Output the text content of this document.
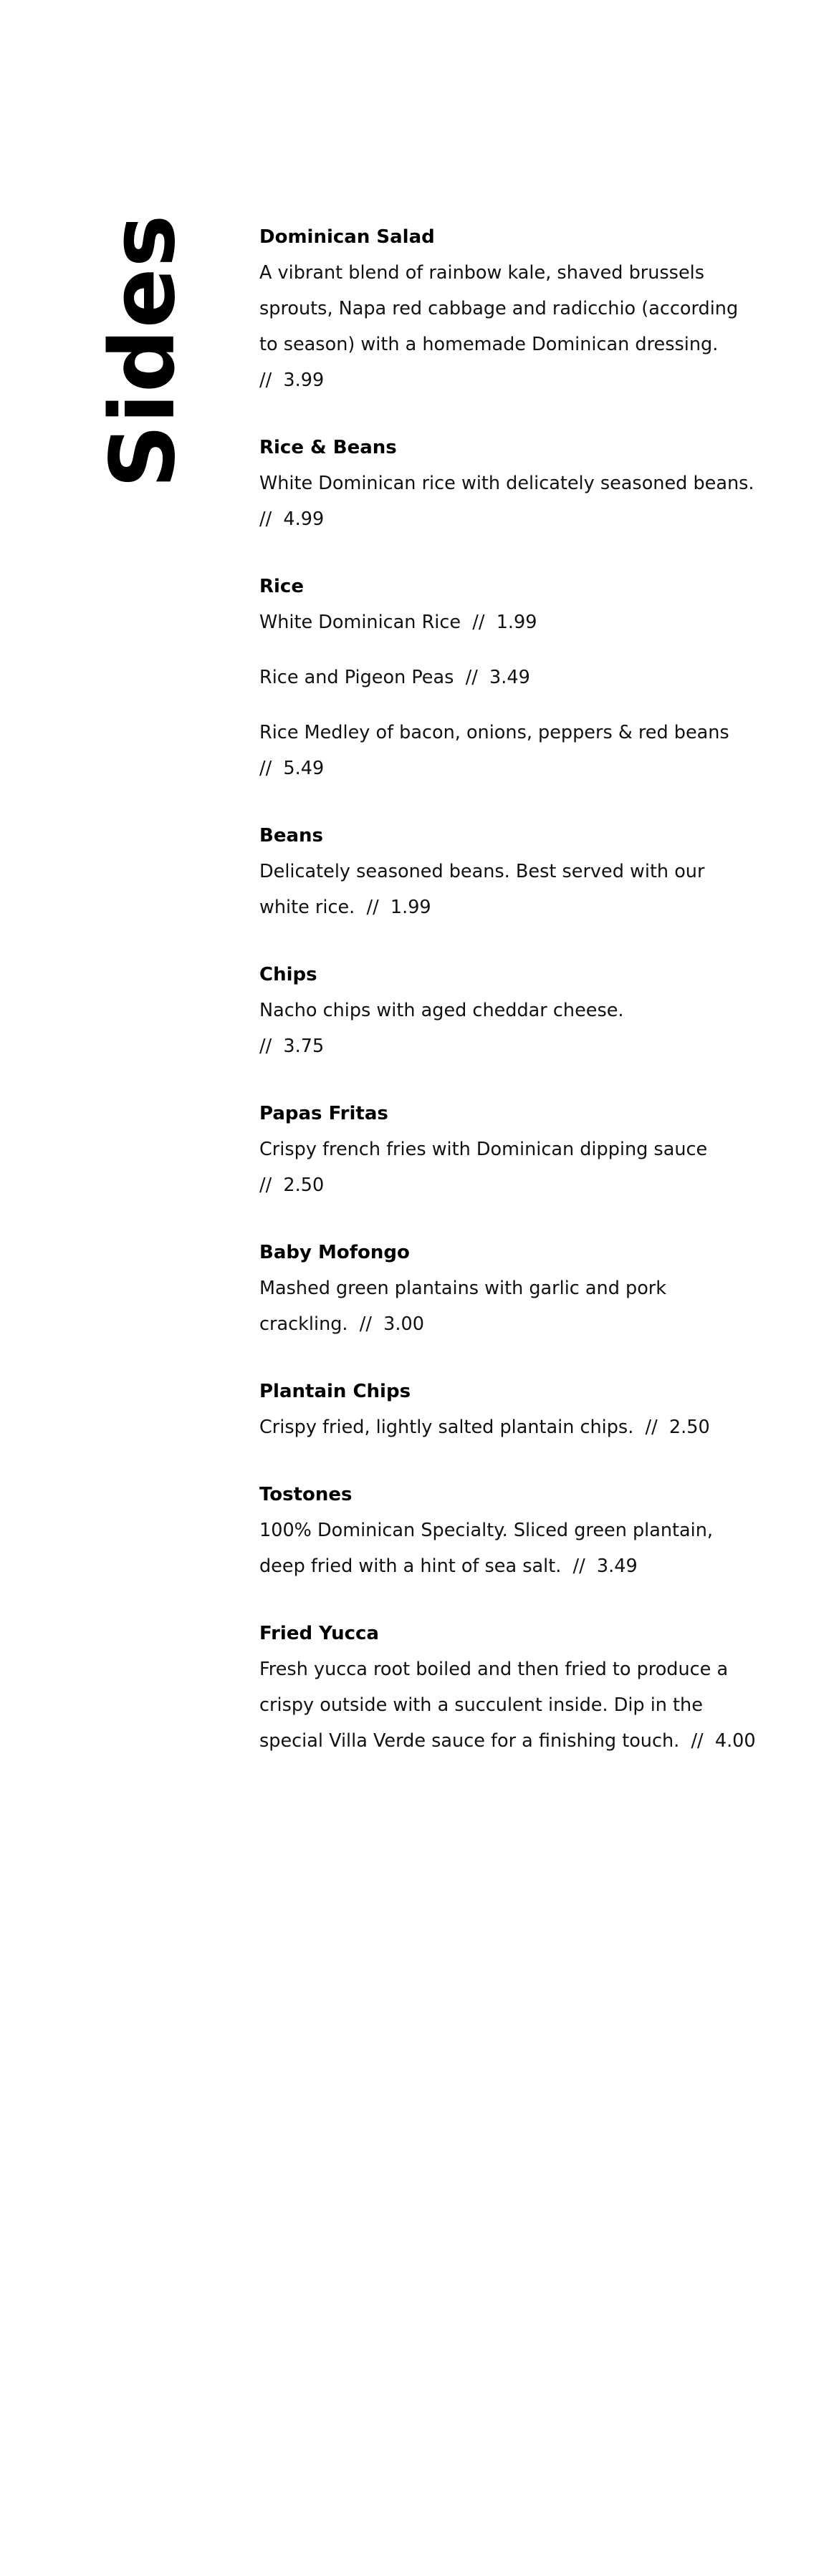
Sides	Dominican Salad
A vibrant blend of rainbow kale, shaved brussels
sprouts, Napa red cabbage and radicchio (according
to season) with a homemade Dominican dressing.
//  3.99
Rice & Beans
White Dominican rice with delicately seasoned beans.
//  4.99
Rice
White Dominican Rice  //  1.99
Rice and Pigeon Peas  //  3.49
Rice Medley of bacon, onions, peppers & red beans
//  5.49
Beans
Delicately seasoned beans. Best served with our
white rice.  //  1.99
Chips
Nacho chips with aged cheddar cheese.
//  3.75
Papas Fritas
Crispy french fries with Dominican dipping sauce
//  2.50
Baby Mofongo
Mashed green plantains with garlic and pork
crackling.  //  3.00
Plantain Chips
Crispy fried, lightly salted plantain chips.  //  2.50
Tostones
100% Dominican Specialty. Sliced green plantain,
deep fried with a hint of sea salt.  //  3.49
Fried Yucca
Fresh yucca root boiled and then fried to produce a
crispy outside with a succulent inside. Dip in the
special Villa Verde sauce for a finishing touch.  //  4.00
